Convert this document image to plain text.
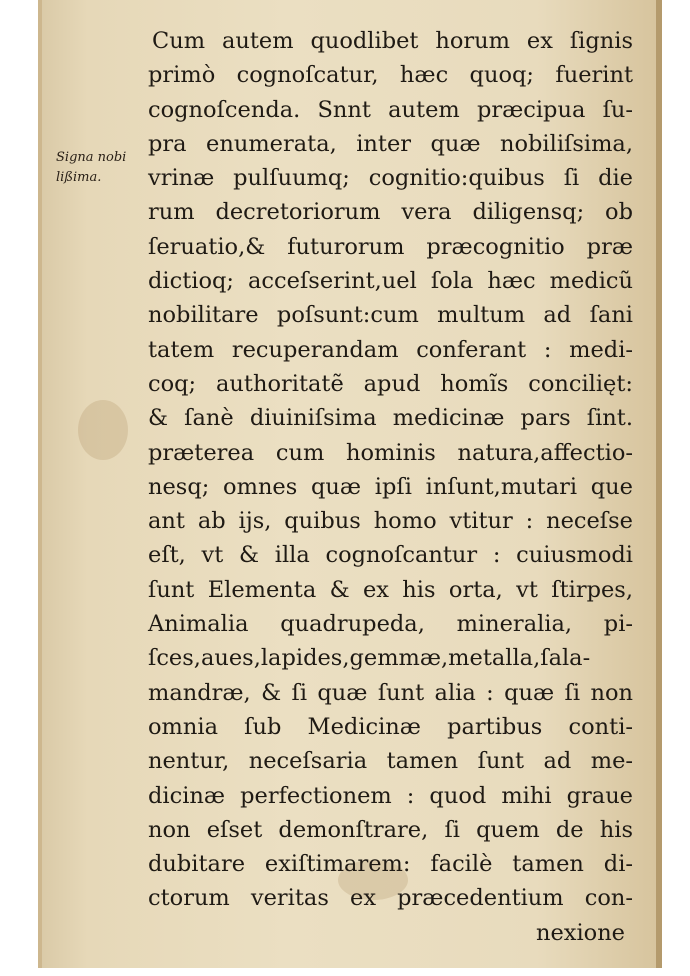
Signa nobi
lißima.
Cum autem quodlibet horum ex ſignis
primò cognoſcatur, hæc quoq; fuerint
cognoſcenda. Snnt autem præcipua ſu-
pra enumerata, inter quæ nobiliſsima,
vrinæ pulſuumq; cognitio:quibus ſi die
rum decretoriorum vera diligensq; ob
ſeruatio,& futurorum præcognitio præ
dictioq; acceſserint,uel ſola hæc medicũ
nobilitare poſsunt:cum multum ad ſani
tatem recuperandam conferant : medi-
coq; authoritatẽ apud homĩs concilięt:
& ſanè diuiniſsima medicinæ pars ſint.
præterea cum hominis natura,affectio-
nesq; omnes quæ ipſi inſunt,mutari que
ant ab ijs, quibus homo vtitur : neceſse
eſt, vt & illa cognoſcantur : cuiusmodi
ſunt Elementa & ex his orta, vt ſtirpes,
Animalia quadrupeda, mineralia, pi-
ſces,aues,lapides,gemmæ,metalla,ſala-
mandræ, & ſi quæ ſunt alia : quæ ſi non
omnia ſub Medicinæ partibus conti-
nentur, neceſsaria tamen ſunt ad me-
dicinæ perfectionem : quod mihi graue
non eſset demonſtrare, ſi quem de his
dubitare exiſtimarem: facilè tamen di-
ctorum veritas ex præcedentium con-
nexione
